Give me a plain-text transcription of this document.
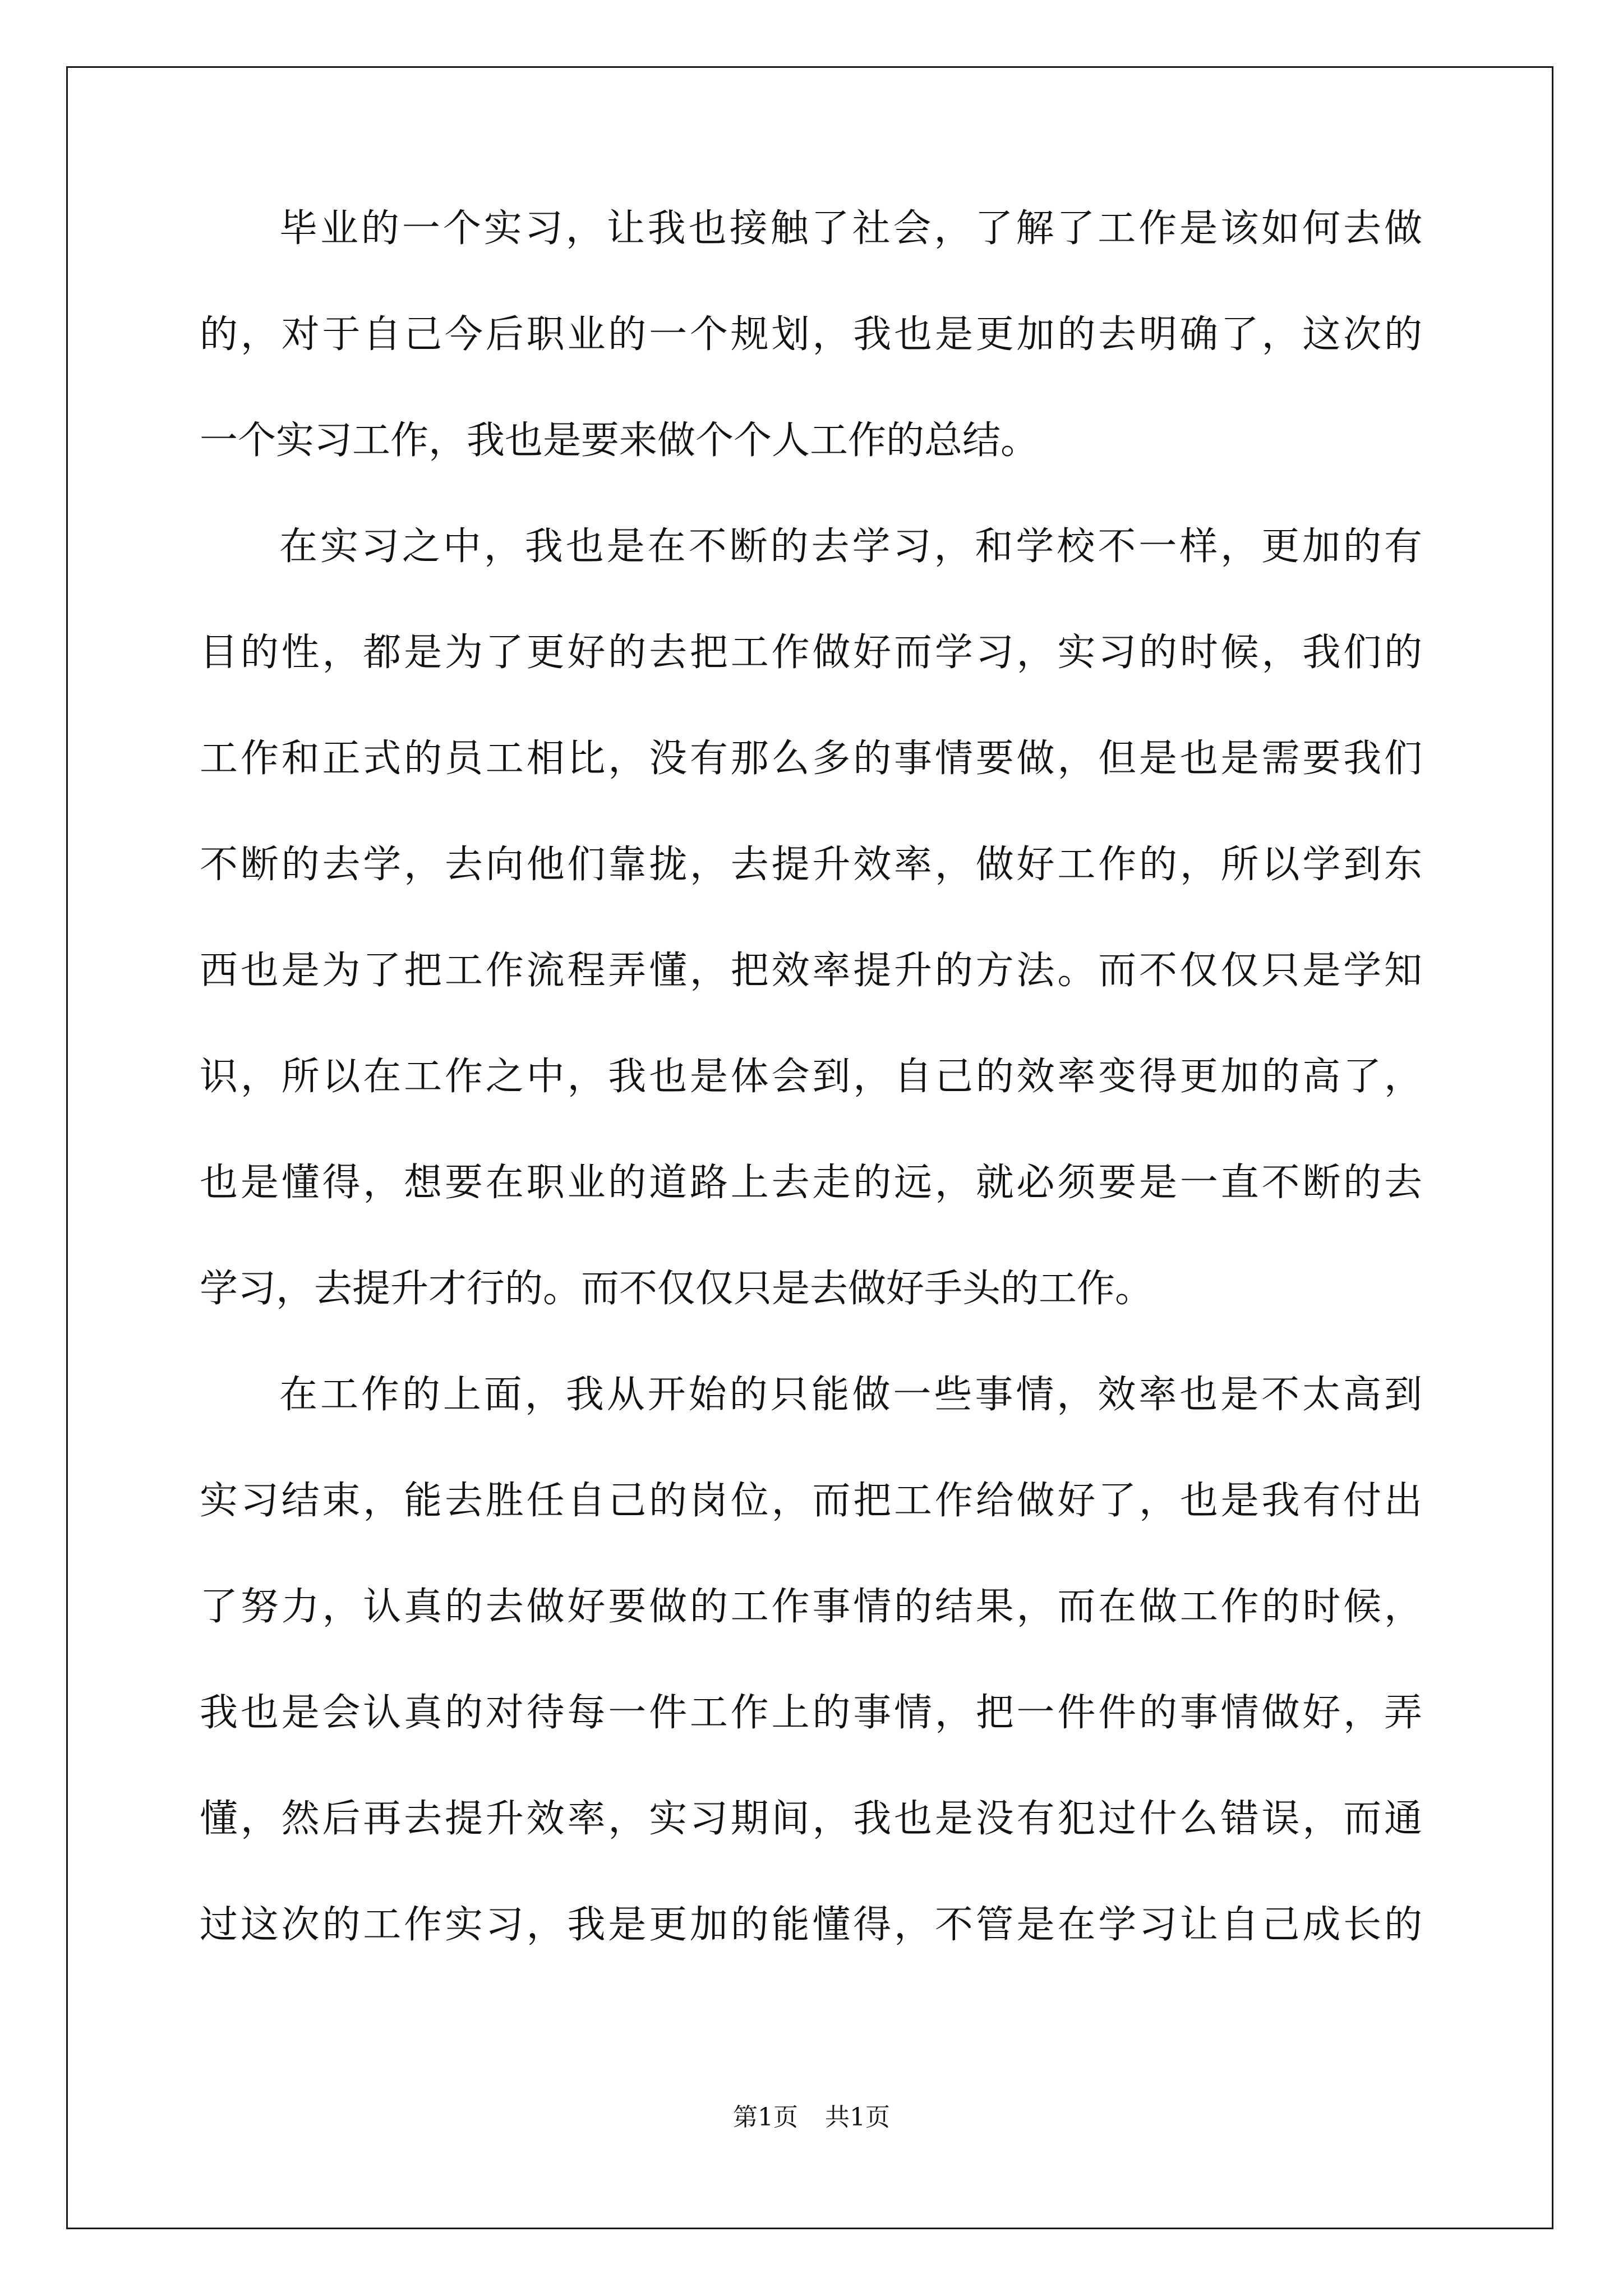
毕业的一个实习，让我也接触了社会，了解了工作是该如何去做
的，对于自己今后职业的一个规划，我也是更加的去明确了，这次的
一个实习工作，我也是要来做个个人工作的总结。
在实习之中，我也是在不断的去学习，和学校不一样，更加的有
目的性，都是为了更好的去把工作做好而学习，实习的时候，我们的
工作和正式的员工相比，没有那么多的事情要做，但是也是需要我们
不断的去学，去向他们靠拢，去提升效率，做好工作的，所以学到东
西也是为了把工作流程弄懂，把效率提升的方法。而不仅仅只是学知
识，所以在工作之中，我也是体会到，自己的效率变得更加的高了，
也是懂得，想要在职业的道路上去走的远，就必须要是一直不断的去
学习，去提升才行的。而不仅仅只是去做好手头的工作。
在工作的上面，我从开始的只能做一些事情，效率也是不太高到
实习结束，能去胜任自己的岗位，而把工作给做好了，也是我有付出
了努力，认真的去做好要做的工作事情的结果，而在做工作的时候，
我也是会认真的对待每一件工作上的事情，把一件件的事情做好，弄
懂，然后再去提升效率，实习期间，我也是没有犯过什么错误，而通
过这次的工作实习，我是更加的能懂得，不管是在学习让自己成长的
第1页 共1页
